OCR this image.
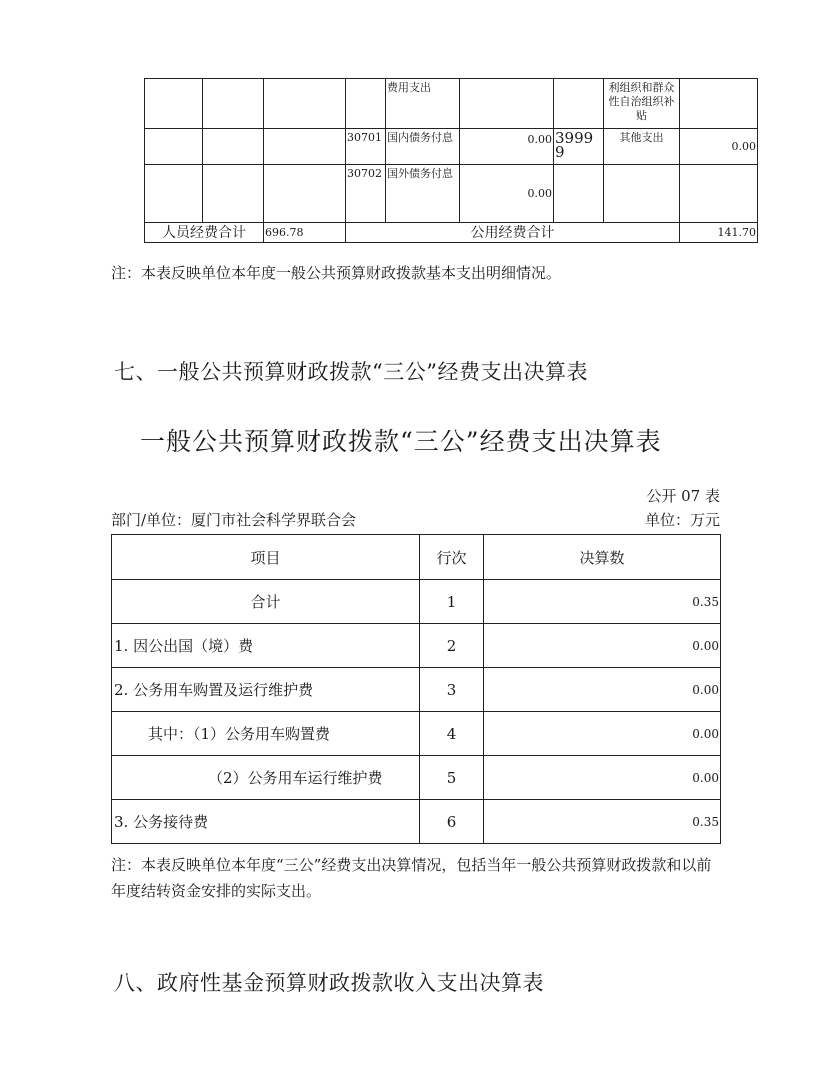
				费用支出			利组织和群众性自治组织补贴	
			30701	国内债务付息	0.00	39999	其他支出	0.00
			30702	国外债务付息	0.00			
人员经费合计		696.78	公用经费合计					141.70
注：本表反映单位本年度一般公共预算财政拨款基本支出明细情况。
七、一般公共预算财政拨款“三公”经费支出决算表
一般公共预算财政拨款“三公”经费支出决算表
公开 07 表
部门/单位：厦门市社会科学界联合会	单位：万元
项目	行次	决算数
合计	1	0.35
1. 因公出国（境）费	2	0.00
2. 公务用车购置及运行维护费	3	0.00
其中：（1）公务用车购置费	4	0.00
（2）公务用车运行维护费	5	0.00
3. 公务接待费	6	0.35
注：本表反映单位本年度“三公”经费支出决算情况，包括当年一般公共预算财政拨款和以前年度结转资金安排的实际支出。
八、政府性基金预算财政拨款收入支出决算表
